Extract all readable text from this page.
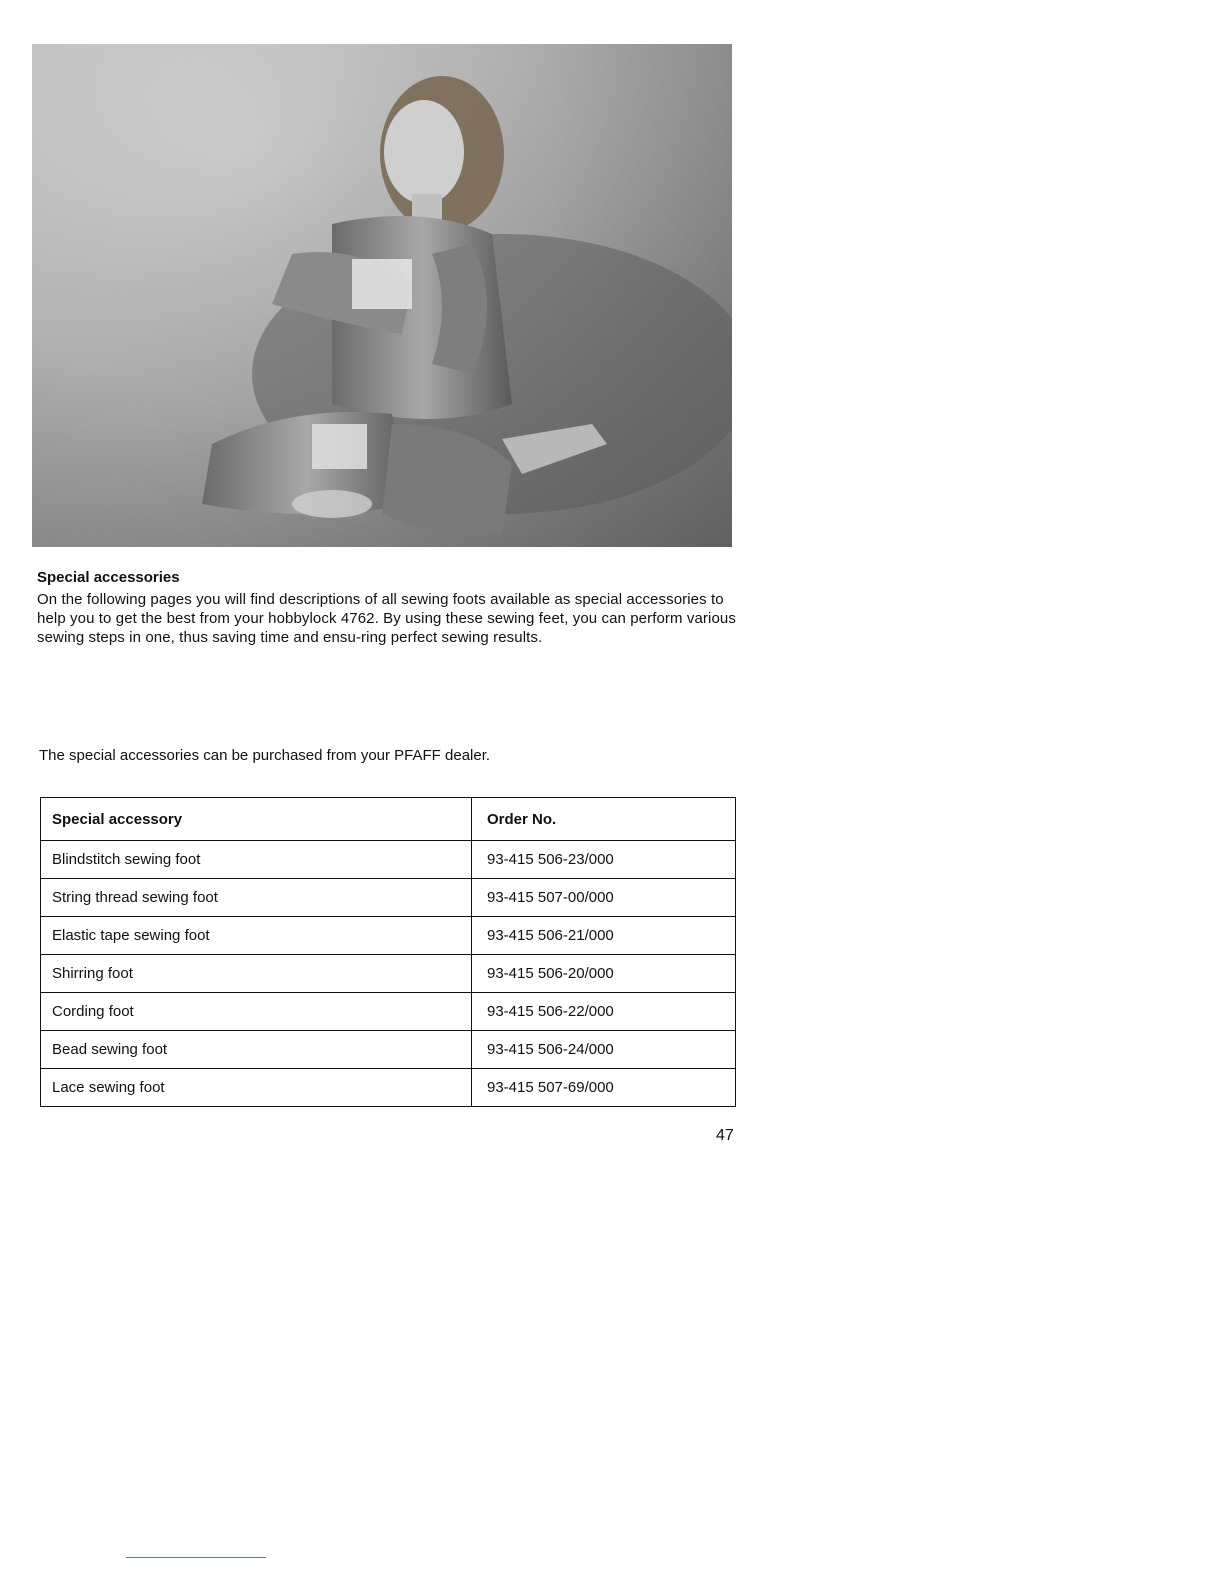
Special accessories

On the following pages you will find descriptions of all sewing foots available as special accessories to help you to get the best from your hobbylock 4762. By using these sewing feet, you can perform various sewing steps in one, thus saving time and ensu-ring perfect sewing results.

The special accessories can be purchased from your PFAFF dealer.

Special accessory	Order No.
Blindstitch sewing foot	93-415 506-23/000
String thread sewing foot	93-415 507-00/000
Elastic tape sewing foot	93-415 506-21/000
Shirring foot	93-415 506-20/000
Cording foot	93-415 506-22/000
Bead sewing foot	93-415 506-24/000
Lace sewing foot	93-415 507-69/000
47
